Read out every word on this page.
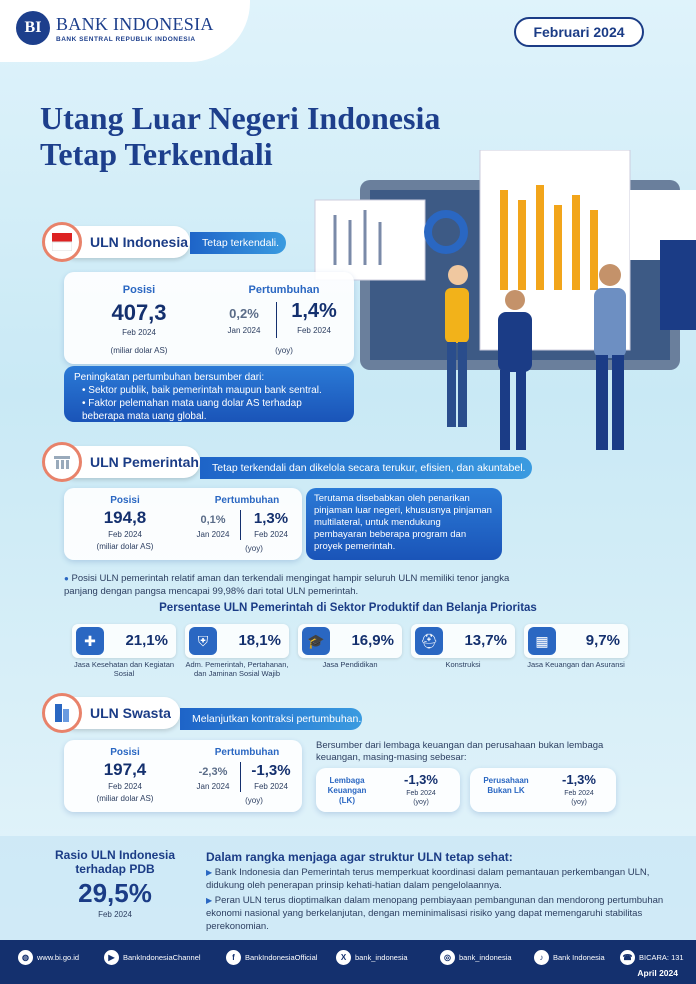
BI BANK INDONESIA
BANK SENTRAL REPUBLIK INDONESIA	Februari 2024
Utang Luar Negeri Indonesia
Tetap Terkendali
ULN Indonesia	Tetap terkendali.
Posisi
407,3
Feb 2024
(miliar dolar AS)
Pertumbuhan
0,2%
Jan 2024
1,4%
Feb 2024
(yoy)
Peningkatan pertumbuhan bersumber dari:
• Sektor publik, baik pemerintah maupun bank sentral.
• Faktor pelemahan mata uang dolar AS terhadap beberapa mata uang global.
ULN Pemerintah	Tetap terkendali dan dikelola secara terukur, efisien, dan akuntabel.
Posisi
194,8
Feb 2024
(miliar dolar AS)
Pertumbuhan
0,1%
Jan 2024
1,3%
Feb 2024
(yoy)
Terutama disebabkan oleh penarikan pinjaman luar negeri, khususnya pinjaman multilateral, untuk mendukung pembayaran beberapa program dan proyek pemerintah.
● Posisi ULN pemerintah relatif aman dan terkendali mengingat hampir seluruh ULN memiliki tenor jangka panjang dengan pangsa mencapai 99,98% dari total ULN pemerintah.
Persentase ULN Pemerintah di Sektor Produktif dan Belanja Prioritas
✚	21,1%
Jasa Kesehatan dan Kegiatan Sosial
⛨	18,1%
Adm. Pemerintah, Pertahanan, dan Jaminan Sosial Wajib
🎓	16,9%
Jasa Pendidikan
⛑	13,7%
Konstruksi
▦	9,7%
Jasa Keuangan dan Asuransi
ULN Swasta	Melanjutkan kontraksi pertumbuhan.
Posisi
197,4
Feb 2024
(miliar dolar AS)
Pertumbuhan
-2,3%
Jan 2024
-1,3%
Feb 2024
(yoy)
Bersumber dari lembaga keuangan dan perusahaan bukan lembaga keuangan, masing-masing sebesar:
Lembaga Keuangan (LK)
-1,3%
Feb 2024
(yoy)
Perusahaan Bukan LK
-1,3%
Feb 2024
(yoy)
Rasio ULN Indonesia
terhadap PDB
29,5%
Feb 2024
Dalam rangka menjaga agar struktur ULN tetap sehat:
▶ Bank Indonesia dan Pemerintah terus memperkuat koordinasi dalam pemantauan perkembangan ULN, didukung oleh penerapan prinsip kehati-hatian dalam pengelolaannya.
▶ Peran ULN terus dioptimalkan dalam menopang pembiayaan pembangunan dan mendorong pertumbuhan ekonomi nasional yang berkelanjutan, dengan meminimalisasi risiko yang dapat memengaruhi stabilitas perekonomian.
◍	www.bi.go.id	▶	BankIndonesiaChannel	f	BankIndonesiaOfficial	X	bank_indonesia	◎	bank_indonesia	♪	Bank Indonesia	☎ BICARA: 131
April 2024
